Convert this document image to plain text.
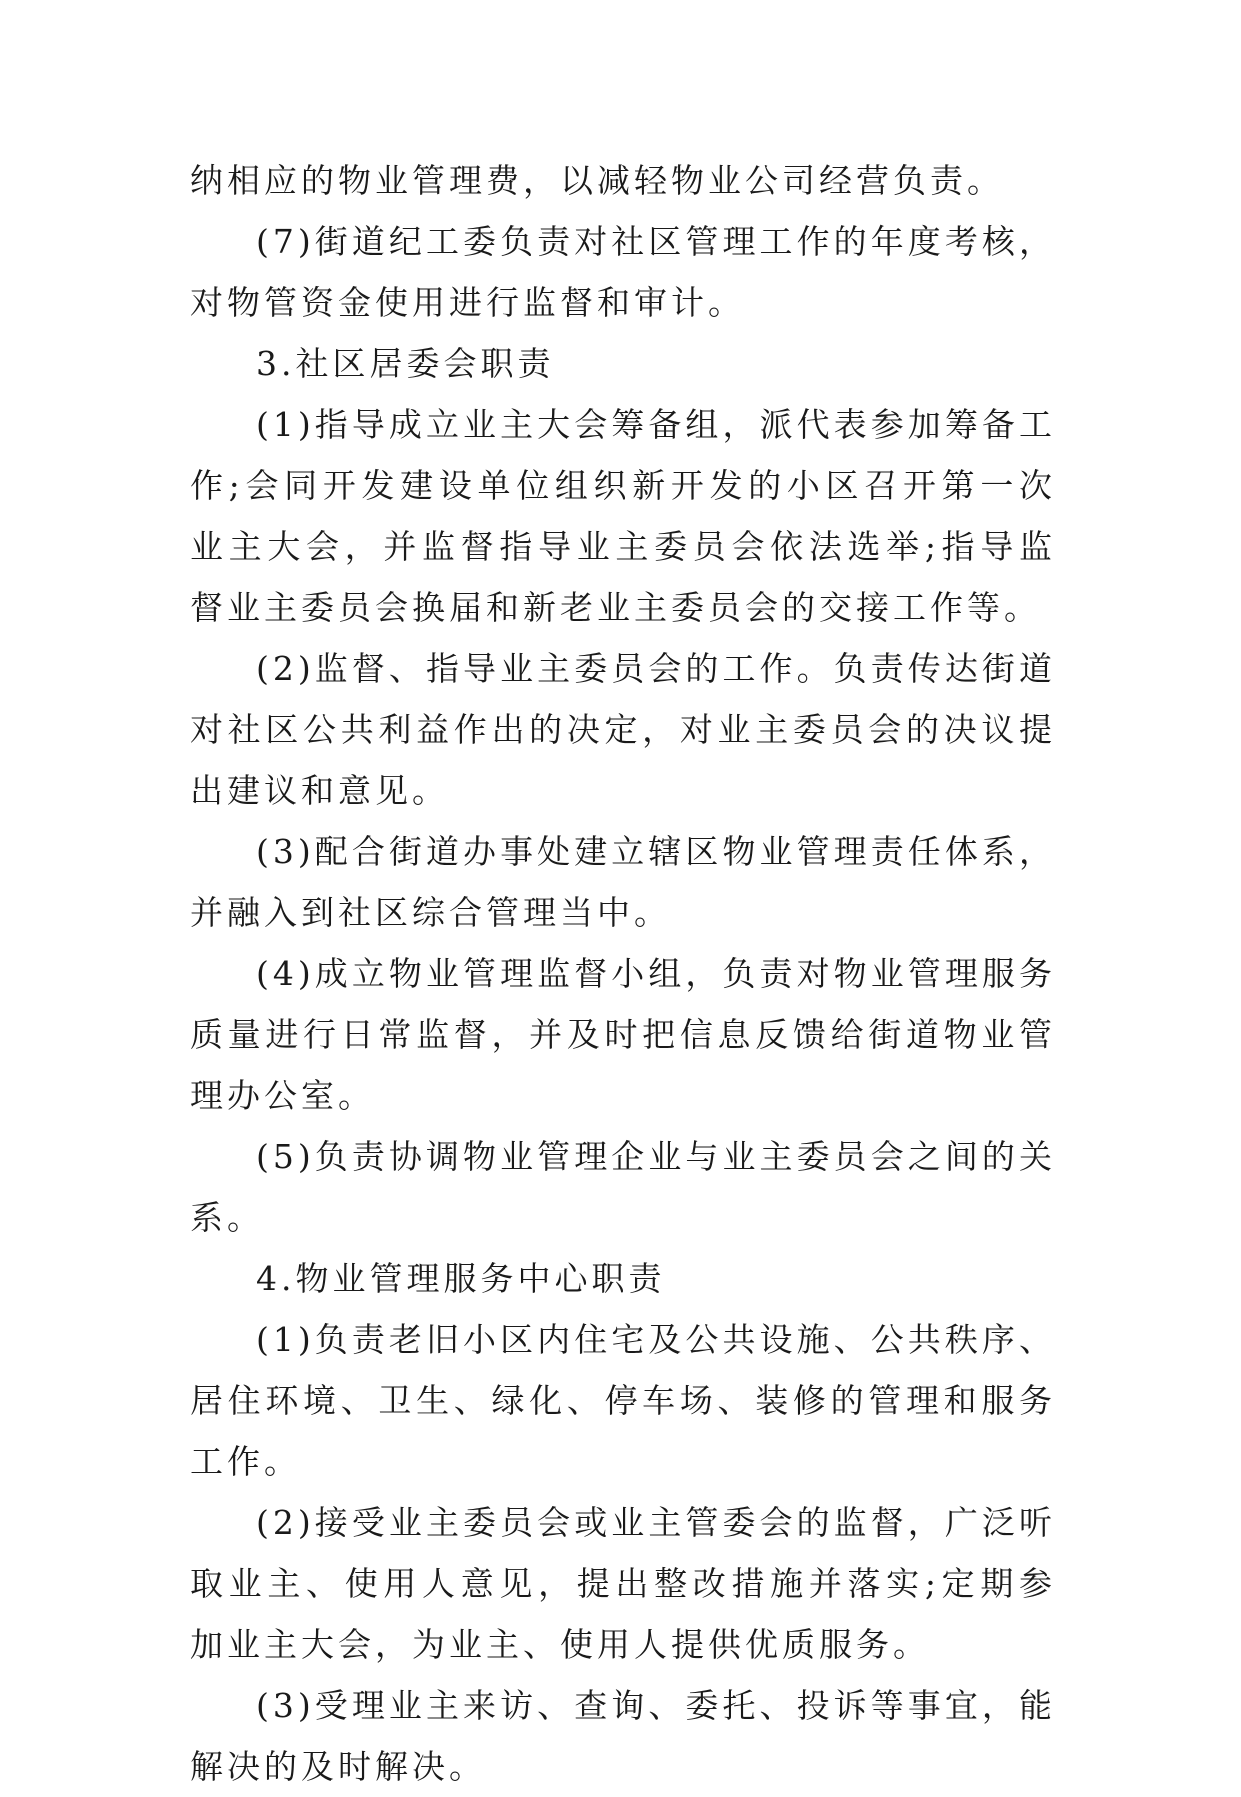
纳相应的物业管理费，以减轻物业公司经营负责。

(7)街道纪工委负责对社区管理工作的年度考核，对物管资金使用进行监督和审计。

3.社区居委会职责

(1)指导成立业主大会筹备组，派代表参加筹备工作;会同开发建设单位组织新开发的小区召开第一次业主大会，并监督指导业主委员会依法选举;指导监督业主委员会换届和新老业主委员会的交接工作等。

(2)监督、指导业主委员会的工作。负责传达街道对社区公共利益作出的决定，对业主委员会的决议提出建议和意见。

(3)配合街道办事处建立辖区物业管理责任体系，并融入到社区综合管理当中。

(4)成立物业管理监督小组，负责对物业管理服务质量进行日常监督，并及时把信息反馈给街道物业管理办公室。

(5)负责协调物业管理企业与业主委员会之间的关系。

4.物业管理服务中心职责

(1)负责老旧小区内住宅及公共设施、公共秩序、居住环境、卫生、绿化、停车场、装修的管理和服务工作。

(2)接受业主委员会或业主管委会的监督，广泛听取业主、使用人意见，提出整改措施并落实;定期参加业主大会，为业主、使用人提供优质服务。

(3)受理业主来访、查询、委托、投诉等事宜，能解决的及时解决。
